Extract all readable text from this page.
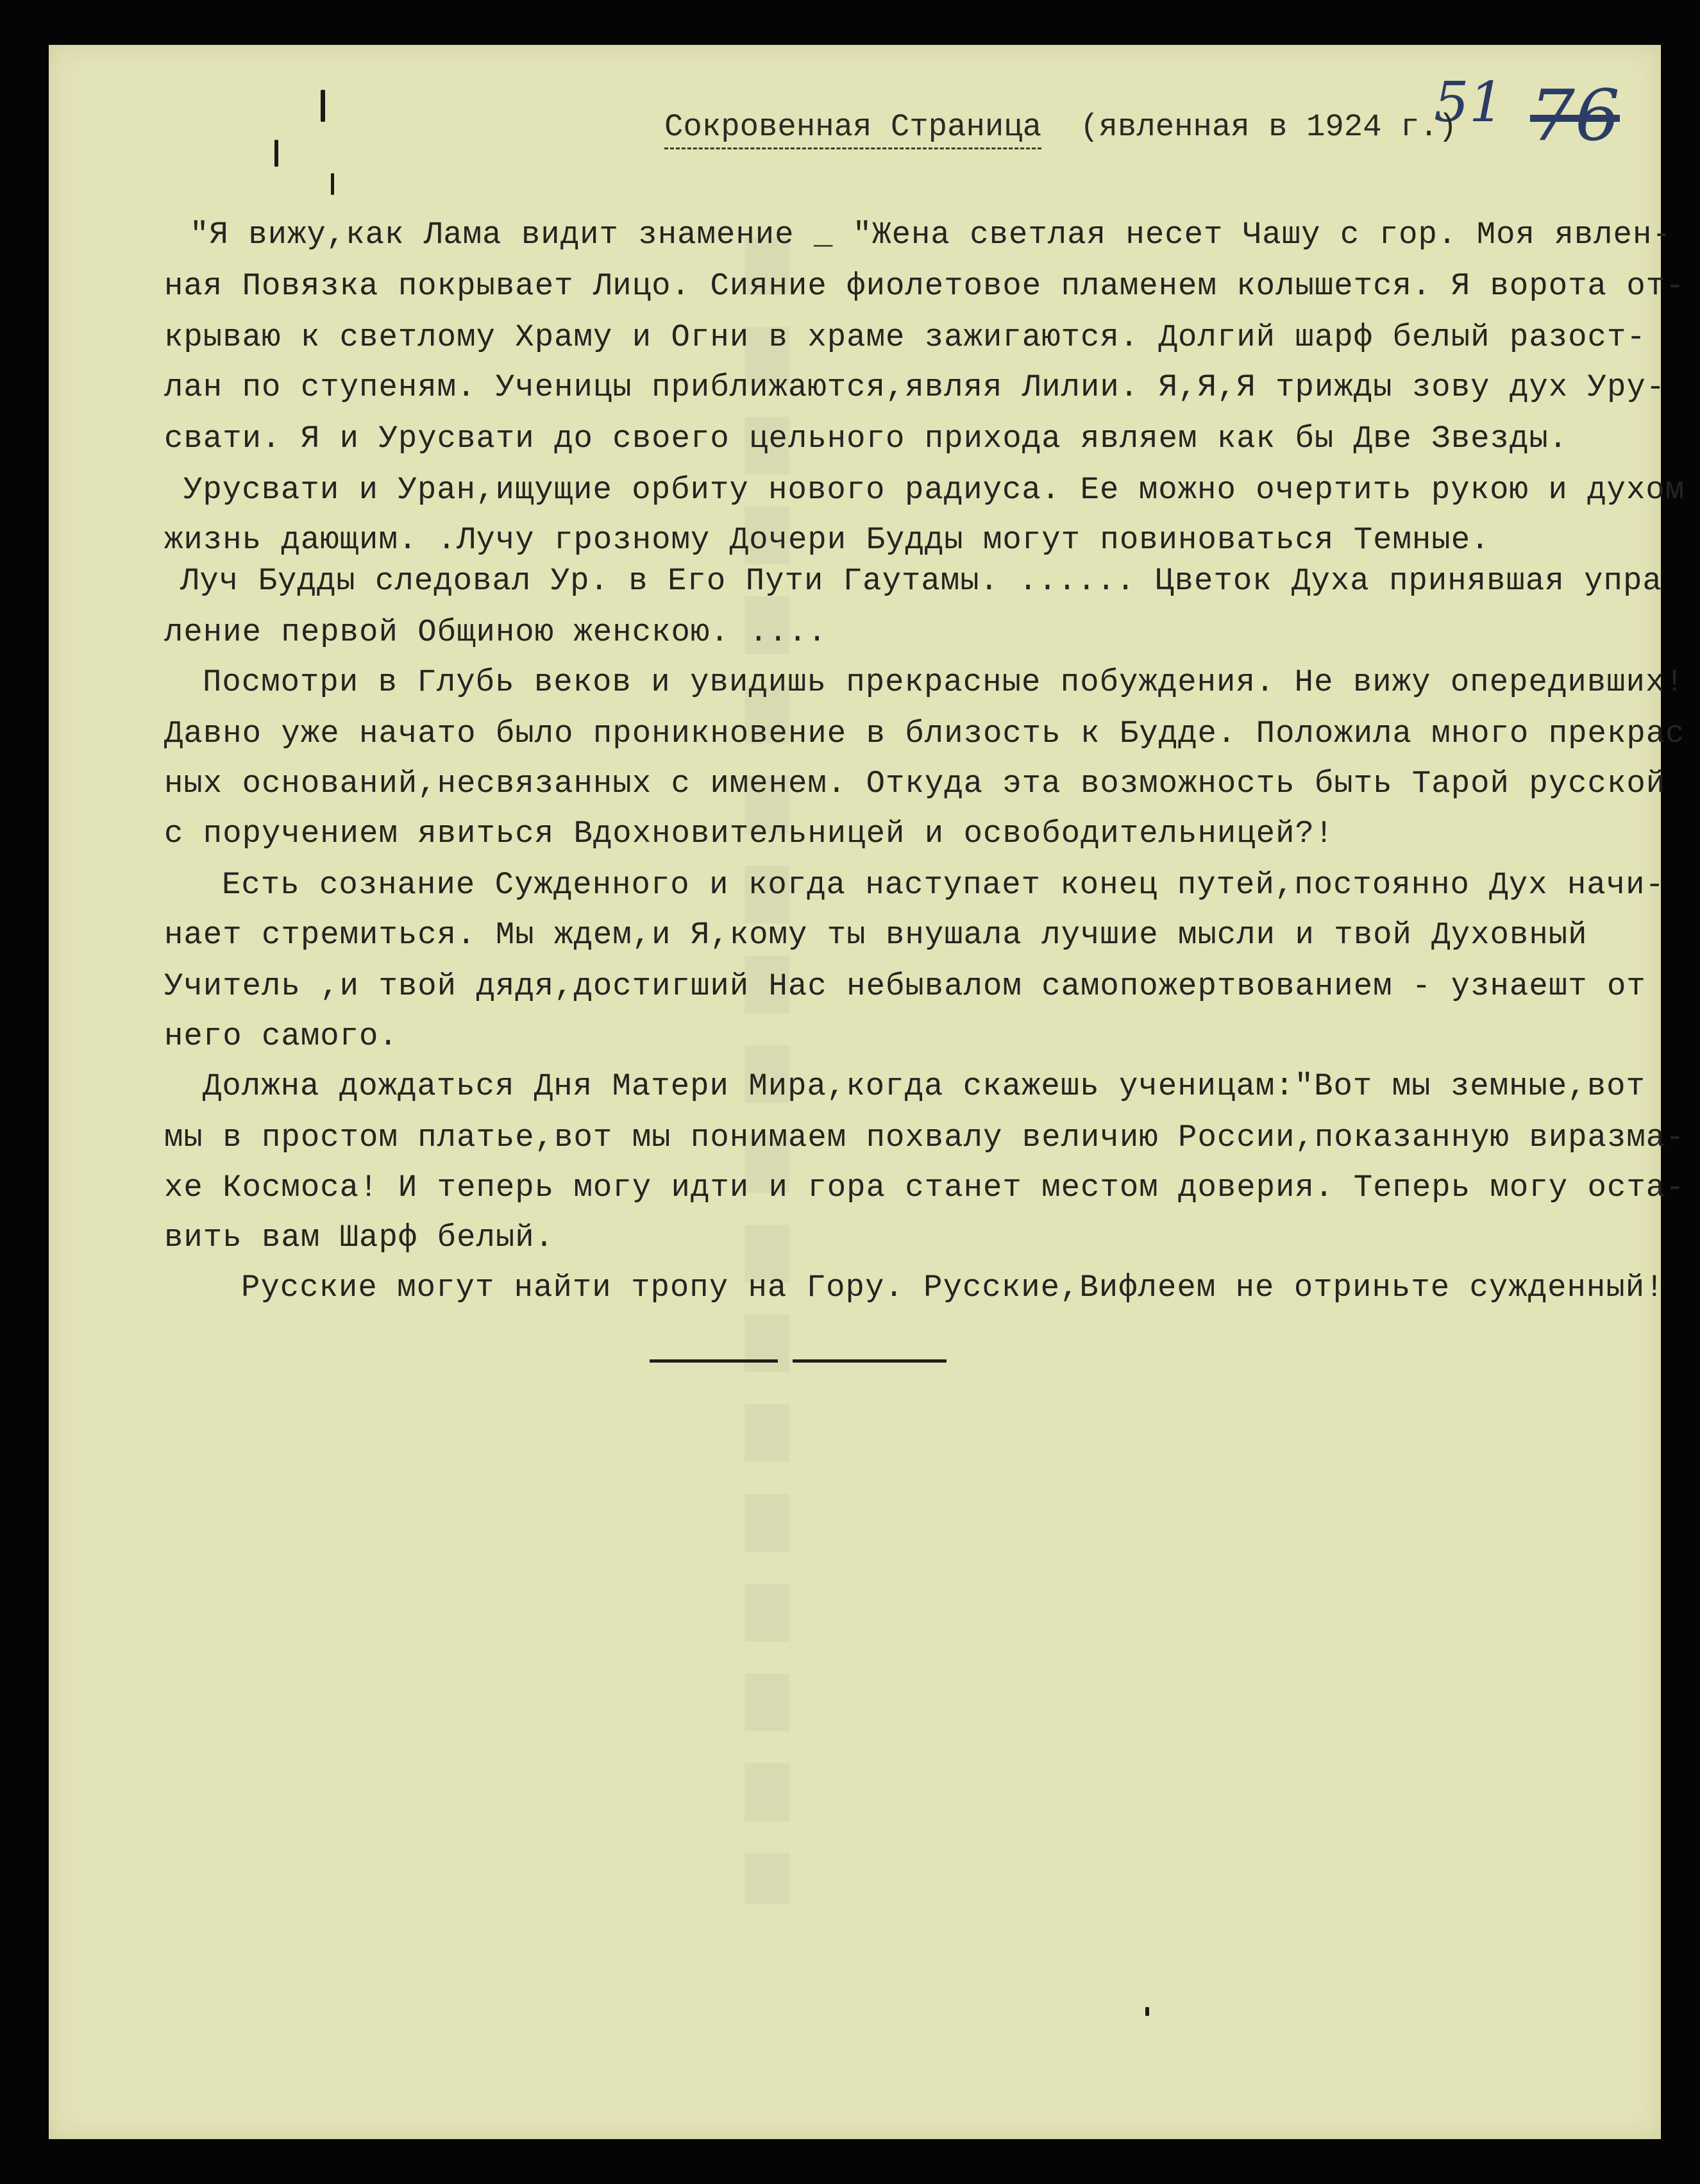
51 76
Сокровенная Страница (явленная в 1924 г.)
"Я вижу,как Лама видит знамение _ "Жена светлая несет Чашу с гор. Моя явлен-
ная Повязка покрывает Лицо. Сияние фиолетовое пламенем колышется. Я ворота от-
крываю к светлому Храму и Огни в храме зажигаются. Долгий шарф белый разост-
лан по ступеням. Ученицы приближаются,являя Лилии. Я,Я,Я трижды зову дух Уру-
свати. Я и Урусвати до своего цельного прихода являем как бы Две Звезды.
Урусвати и Уран,ищущие орбиту нового радиуса. Ее можно очертить рукою и духом
жизнь дающим. .Лучу грозному Дочери Будды могут повиноваться Темные.
Луч Будды следовал Ур. в Его Пути Гаутамы. ...... Цветок Духа принявшая упра
ление первой Общиною женскою. ....
Посмотри в Глубь веков и увидишь прекрасные побуждения. Не вижу опередивших!
Давно уже начато было проникновение в близость к Будде. Положила много прекрас
ных оснований,несвязанных с именем. Откуда эта возможность быть Тарой русской
с поручением явиться Вдохновительницей и освободительницей?!
Есть сознание Сужденного и когда наступает конец путей,постоянно Дух начи-
нает стремиться. Мы ждем,и Я,кому ты внушала лучшие мысли и твой Духовный
Учитель ,и твой дядя,достигший Нас небывалом самопожертвованием - узнаешт от
него самого.
Должна дождаться Дня Матери Мира,когда скажешь ученицам:"Вот мы земные,вот
мы в простом платье,вот мы понимаем похвалу величию России,показанную виразма-
хе Космоса! И теперь могу идти и гора станет местом доверия. Теперь могу оста-
вить вам Шарф белый.
Русские могут найти тропу на Гору. Русские,Вифлеем не отриньте сужденный!
